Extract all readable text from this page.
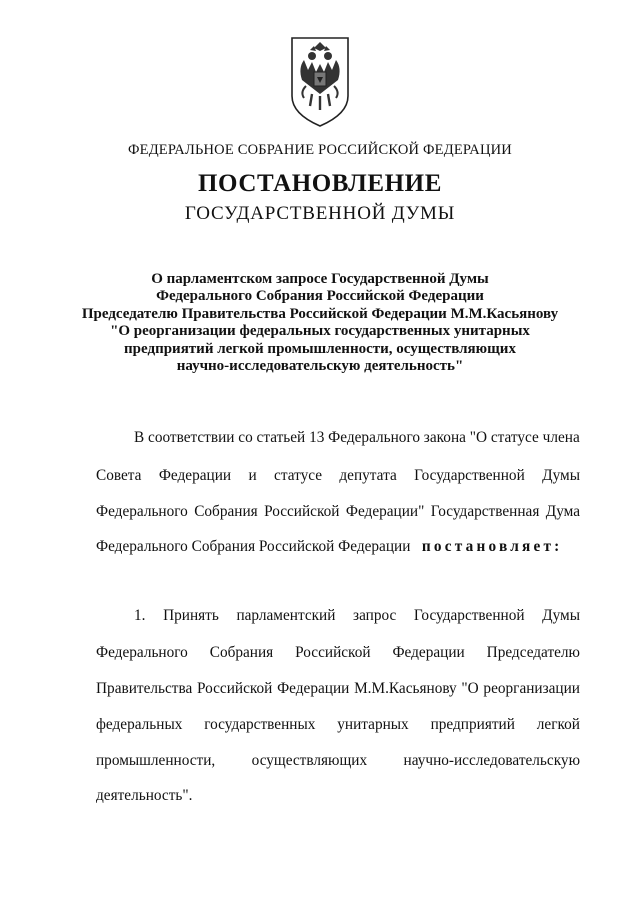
ФЕДЕРАЛЬНОЕ СОБРАНИЕ РОССИЙСКОЙ ФЕДЕРАЦИИ
ПОСТАНОВЛЕНИЕ
ГОСУДАРСТВЕННОЙ ДУМЫ
О парламентском запросе Государственной Думы
Федерального Собрания Российской Федерации
Председателю Правительства Российской Федерации М.М.Касьянову
"О реорганизации федеральных государственных унитарных
предприятий легкой промышленности, осуществляющих
научно-исследовательскую деятельность"
В соответствии со статьей 13 Федерального закона "О статусе члена
Совета Федерации и статусе депутата Государственной Думы
Федерального Собрания Российской Федерации" Государственная Дума
Федерального Собрания Российской Федерации постановляет:
1. Принять парламентский запрос Государственной Думы
Федерального Собрания Российской Федерации Председателю
Правительства Российской Федерации М.М.Касьянову "О реорганизации
федеральных государственных унитарных предприятий легкой
промышленности, осуществляющих научно-исследовательскую
деятельность".
